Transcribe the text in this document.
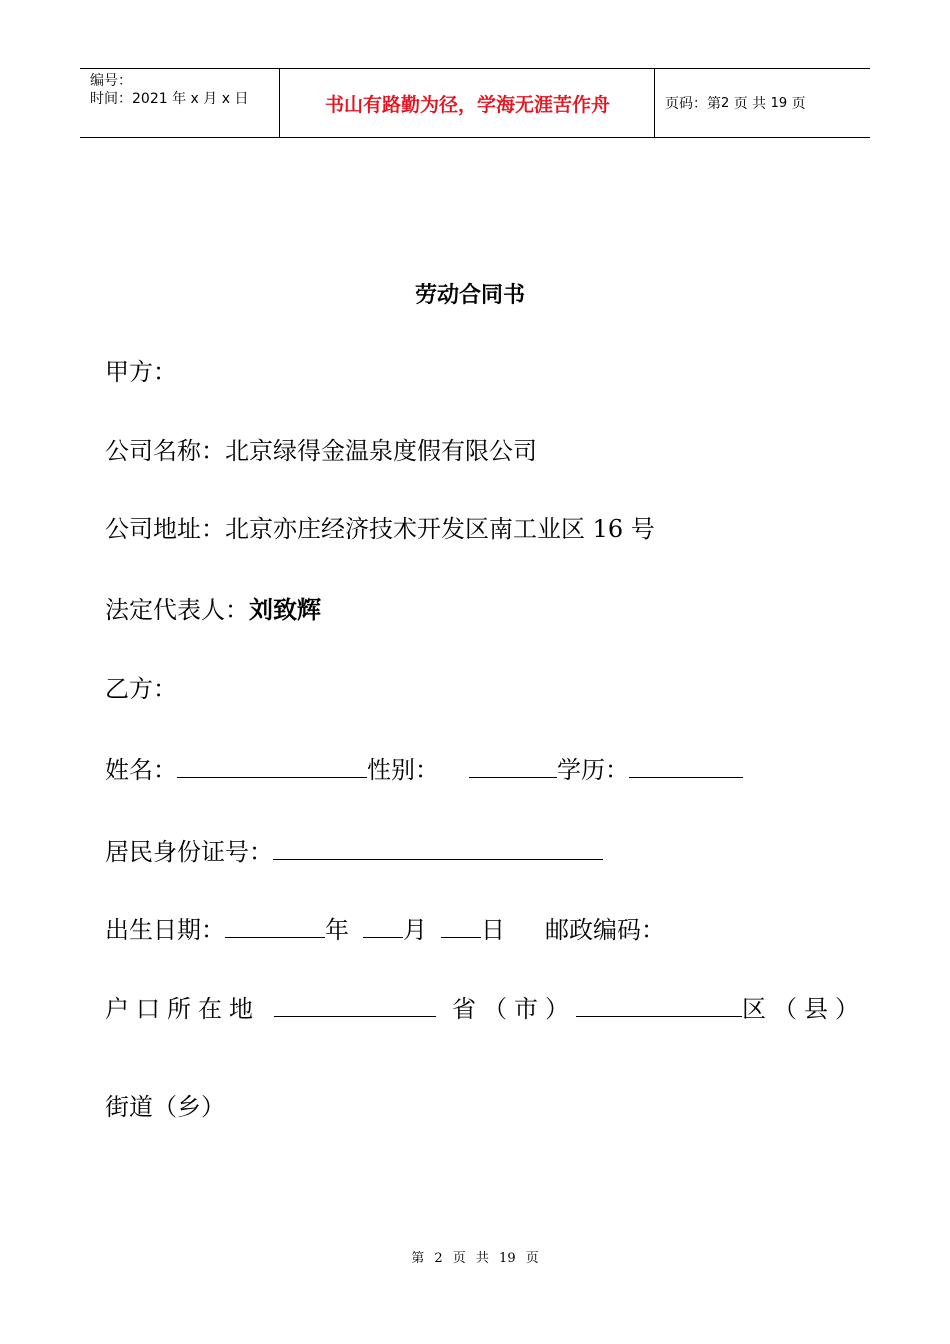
编号：
时间：2021 年 x 月 x 日	书山有路勤为径，学海无涯苦作舟	页码：第 2
页 共
19
页
劳动合同书
甲方：
公司名称：北京绿得金温泉度假有限公司
公司地址：北京亦庄经济技术开发区南工业区 16 号
法定代表人：刘致辉
乙方：
姓名：	性别：	学历：
居民身份证号：
出生日期：	年 月 日 邮政编码：
户口所在地	省（市）	区（县）
街道（乡）
第 2 页 共 19 页
